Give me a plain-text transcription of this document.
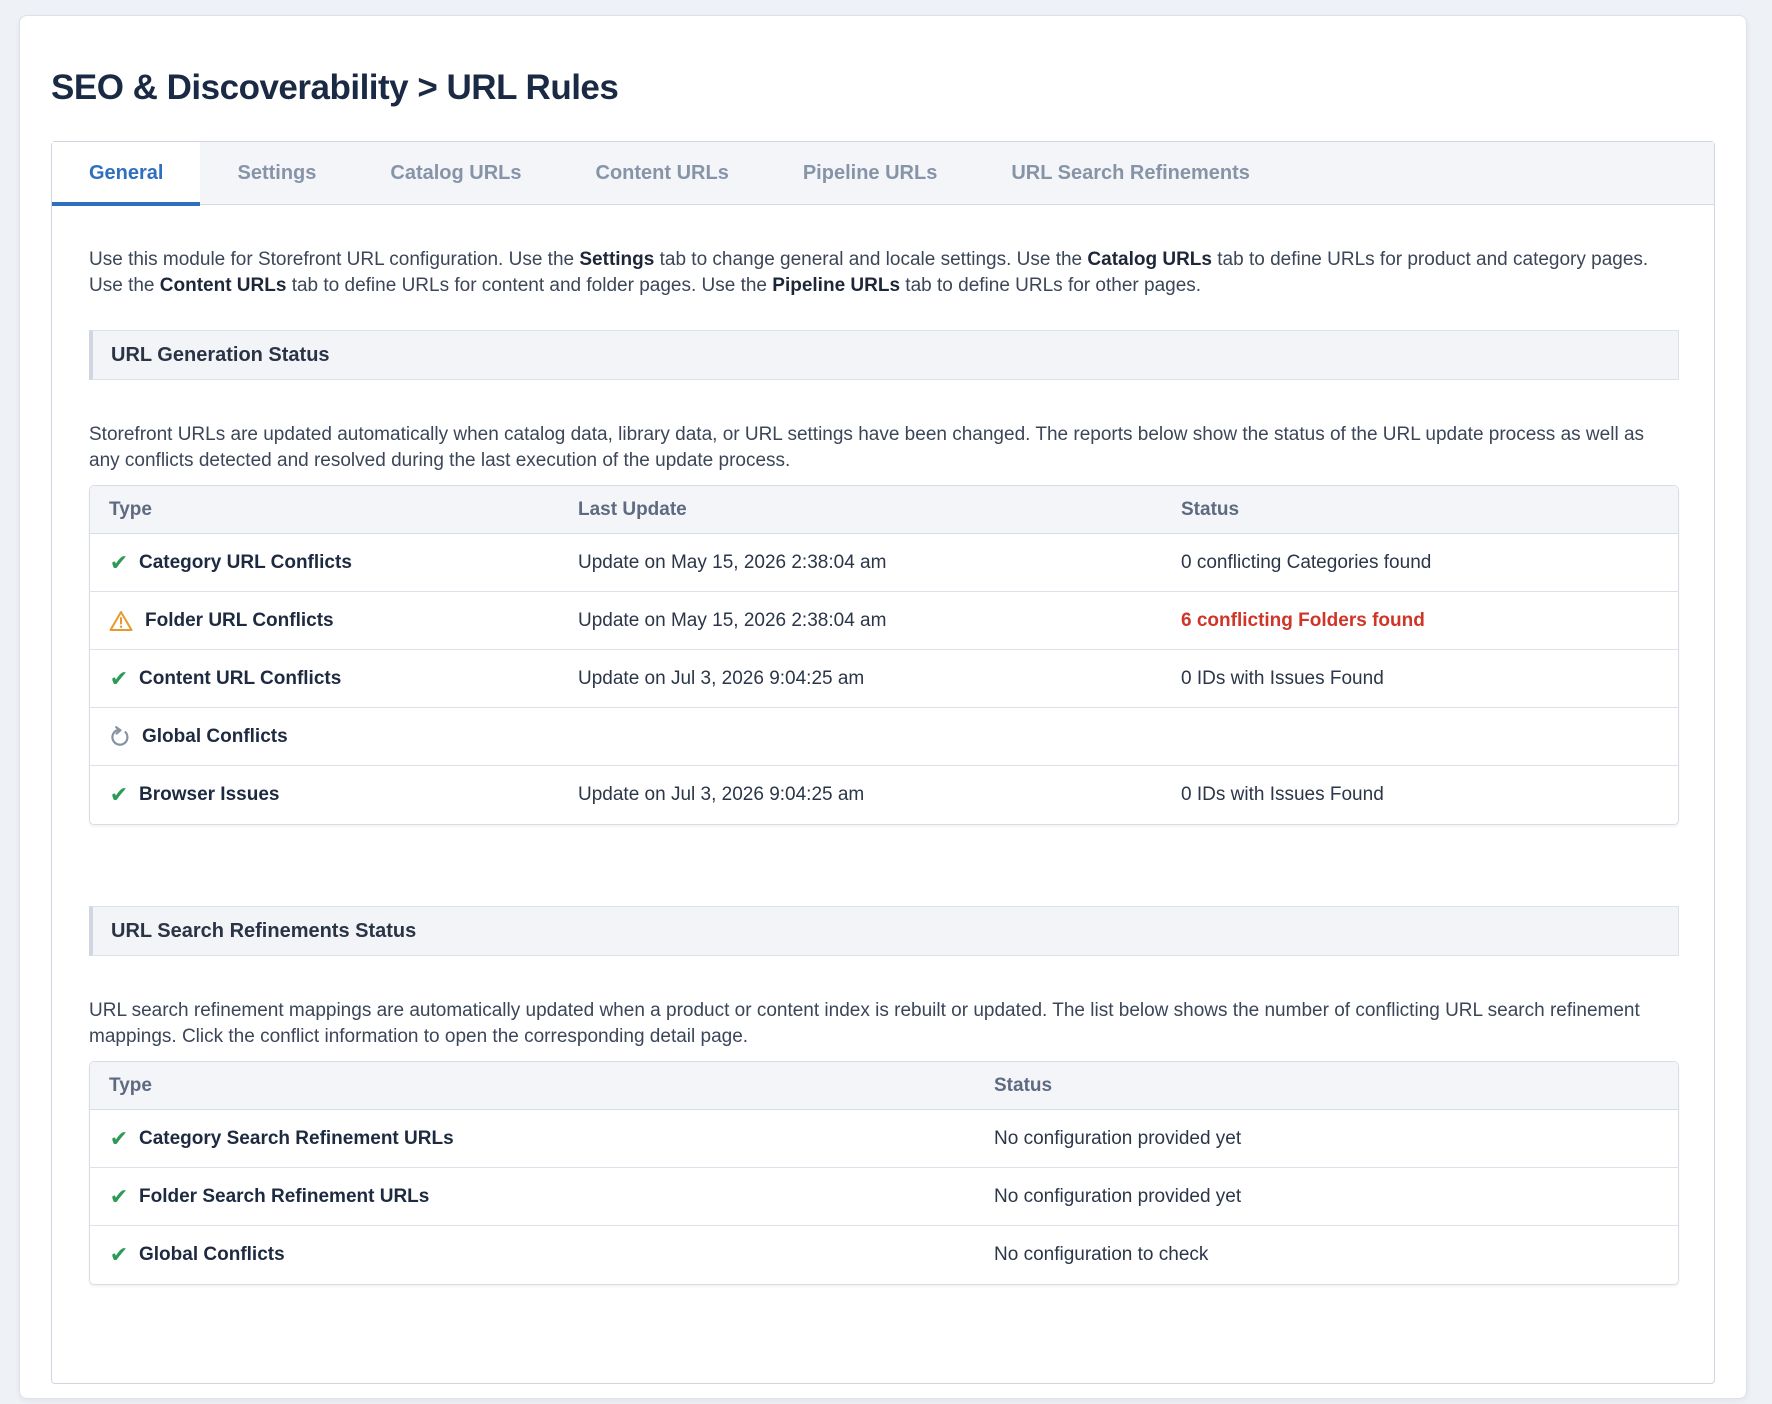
SEO & Discoverability > URL Rules
General	Settings	Catalog URLs	Content URLs	Pipeline URLs	URL Search Refinements

Use this module for Storefront URL configuration. Use the Settings tab to change general and locale settings. Use the Catalog URLs tab to define URLs for product and category pages. Use the Content URLs tab to define URLs for content and folder pages. Use the Pipeline URLs tab to define URLs for other pages.

URL Generation Status

Storefront URLs are updated automatically when catalog data, library data, or URL settings have been changed. The reports below show the status of the URL update process as well as any conflicts detected and resolved during the last execution of the update process.

Type	Last Update	Status
✔ Category URL Conflicts	Update on May 15, 2026 2:38:04 am	0 conflicting Categories found
Folder URL Conflicts	Update on May 15, 2026 2:38:04 am	6 conflicting Folders found
✔ Content URL Conflicts	Update on Jul 3, 2026 9:04:25 am	0 IDs with Issues Found
Global Conflicts
✔ Browser Issues	Update on Jul 3, 2026 9:04:25 am	0 IDs with Issues Found
URL Search Refinements Status

URL search refinement mappings are automatically updated when a product or content index is rebuilt or updated. The list below shows the number of conflicting URL search refinement mappings. Click the conflict information to open the corresponding detail page.

Type	Status
✔ Category Search Refinement URLs	No configuration provided yet
✔ Folder Search Refinement URLs	No configuration provided yet
✔ Global Conflicts	No configuration to check
